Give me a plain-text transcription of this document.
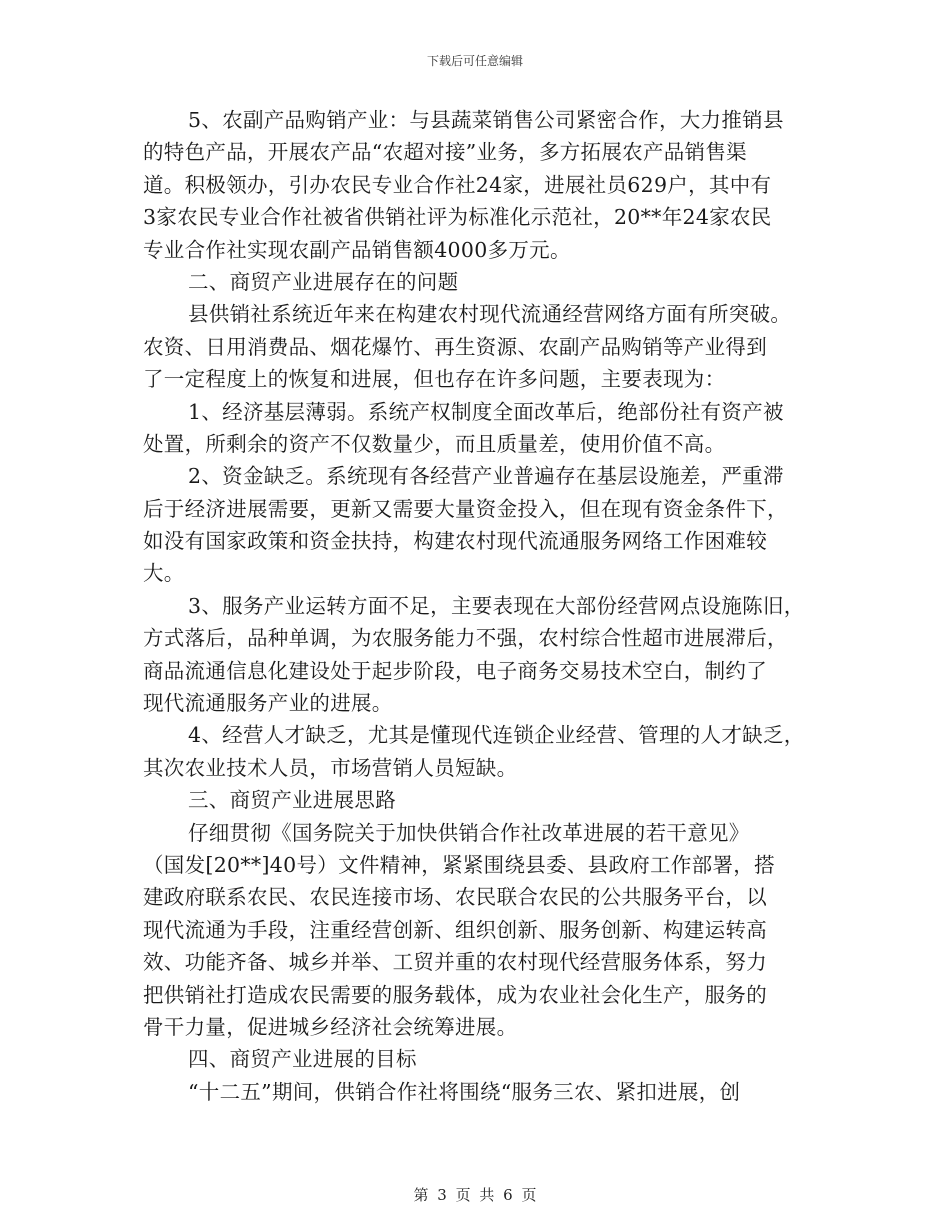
下载后可任意编辑
5、农副产品购销产业：与县蔬菜销售公司紧密合作，大力推销县
的特色产品，开展农产品“农超对接”业务，多方拓展农产品销售渠
道。积极领办，引办农民专业合作社24家，进展社员629户，其中有
3家农民专业合作社被省供销社评为标准化示范社，20**年24家农民
专业合作社实现农副产品销售额4000多万元。
二、商贸产业进展存在的问题
县供销社系统近年来在构建农村现代流通经营网络方面有所突破。
农资、日用消费品、烟花爆竹、再生资源、农副产品购销等产业得到
了一定程度上的恢复和进展，但也存在许多问题，主要表现为：
1、经济基层薄弱。系统产权制度全面改革后，绝部份社有资产被
处置，所剩余的资产不仅数量少，而且质量差，使用价值不高。
2、资金缺乏。系统现有各经营产业普遍存在基层设施差，严重滞
后于经济进展需要，更新又需要大量资金投入，但在现有资金条件下，
如没有国家政策和资金扶持，构建农村现代流通服务网络工作困难较
大。
3、服务产业运转方面不足，主要表现在大部份经营网点设施陈旧，
方式落后，品种单调，为农服务能力不强，农村综合性超市进展滞后，
商品流通信息化建设处于起步阶段，电子商务交易技术空白，制约了
现代流通服务产业的进展。
4、经营人才缺乏，尤其是懂现代连锁企业经营、管理的人才缺乏，
其次农业技术人员，市场营销人员短缺。
三、商贸产业进展思路
仔细贯彻《国务院关于加快供销合作社改革进展的若干意见》
（国发[20**]40号）文件精神，紧紧围绕县委、县政府工作部署，搭
建政府联系农民、农民连接市场、农民联合农民的公共服务平台，以
现代流通为手段，注重经营创新、组织创新、服务创新、构建运转高
效、功能齐备、城乡并举、工贸并重的农村现代经营服务体系，努力
把供销社打造成农民需要的服务载体，成为农业社会化生产，服务的
骨干力量，促进城乡经济社会统筹进展。
四、商贸产业进展的目标
“十二五”期间，供销合作社将围绕“服务三农、紧扣进展，创
第 3 页 共 6 页
